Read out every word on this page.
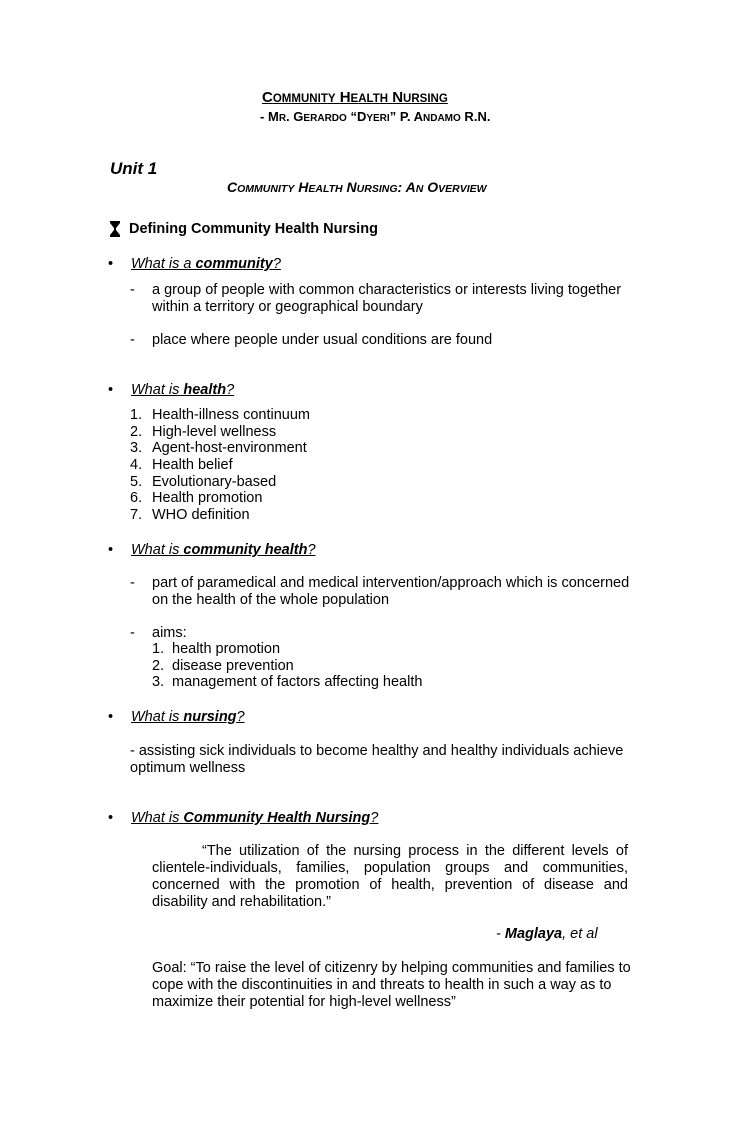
COMMUNITY HEALTH NURSING
- MR. GERARDO “DYERI” P. ANDAMO R.N.
Unit 1
COMMUNITY HEALTH NURSING: AN OVERVIEW
Defining Community Health Nursing
• What is a community?
- a group of people with common characteristics or interests living together within a territory or geographical boundary
- place where people under usual conditions are found
• What is health?
1. Health-illness continuum
2. High-level wellness
3. Agent-host-environment
4. Health belief
5. Evolutionary-based
6. Health promotion
7. WHO definition
• What is community health?
- part of paramedical and medical intervention/approach which is concerned on the health of the whole population
- aims:
1. health promotion
2. disease prevention
3. management of factors affecting health
• What is nursing?
- assisting sick individuals to become healthy and healthy individuals achieve optimum wellness
• What is Community Health Nursing?
“The utilization of the nursing process in the different levels of clientele-individuals, families, population groups and communities, concerned with the promotion of health, prevention of disease and disability and rehabilitation.”
- Maglaya, et al
Goal: “To raise the level of citizenry by helping communities and families to cope with the discontinuities in and threats to health in such a way as to maximize their potential for high-level wellness”
